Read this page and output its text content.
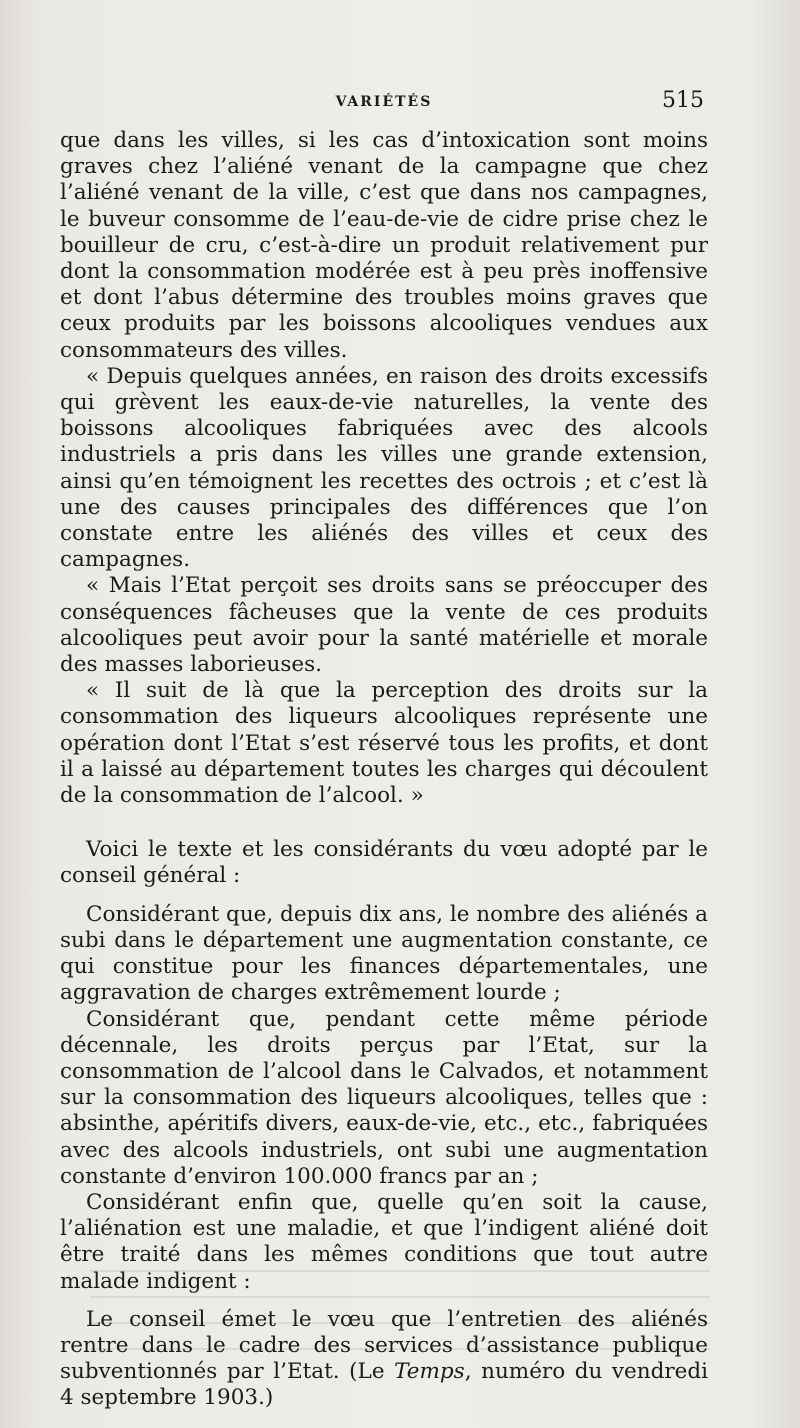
VARIÉTÉS	515

que dans les villes, si les cas d’intoxication sont moins graves chez l’aliéné venant de la campagne que chez l’aliéné venant de la ville, c’est que dans nos campagnes, le buveur consomme de l’eau-de-vie de cidre prise chez le bouilleur de cru, c’est-à-dire un produit relativement pur dont la consommation modérée est à peu près inoffensive et dont l’abus détermine des troubles moins graves que ceux produits par les boissons alcooliques vendues aux consommateurs des villes.

« Depuis quelques années, en raison des droits excessifs qui grèvent les eaux-de-vie naturelles, la vente des boissons alcooliques fabriquées avec des alcools industriels a pris dans les villes une grande extension, ainsi qu’en témoignent les recettes des octrois ; et c’est là une des causes principales des différences que l’on constate entre les aliénés des villes et ceux des campagnes.

« Mais l’Etat perçoit ses droits sans se préoccuper des conséquences fâcheuses que la vente de ces produits alcooliques peut avoir pour la santé matérielle et morale des masses laborieuses.

« Il suit de là que la perception des droits sur la consommation des liqueurs alcooliques représente une opération dont l’Etat s’est réservé tous les profits, et dont il a laissé au département toutes les charges qui découlent de la consommation de l’alcool. »

Voici le texte et les considérants du vœu adopté par le conseil général :

Considérant que, depuis dix ans, le nombre des aliénés a subi dans le département une augmentation constante, ce qui constitue pour les finances départementales, une aggravation de charges extrêmement lourde ;

Considérant que, pendant cette même période décennale, les droits perçus par l’Etat, sur la consommation de l’alcool dans le Calvados, et notamment sur la consommation des liqueurs alcooliques, telles que : absinthe, apéritifs divers, eaux-de-vie, etc., etc., fabriquées avec des alcools industriels, ont subi une augmentation constante d’environ 100.000 francs par an ;

Considérant enfin que, quelle qu’en soit la cause, l’aliénation est une maladie, et que l’indigent aliéné doit être traité dans les mêmes conditions que tout autre malade indigent :

Le conseil émet le vœu que l’entretien des aliénés rentre dans le cadre des services d’assistance publique subventionnés par l’Etat. (Le Temps, numéro du vendredi 4 septembre 1903.)
